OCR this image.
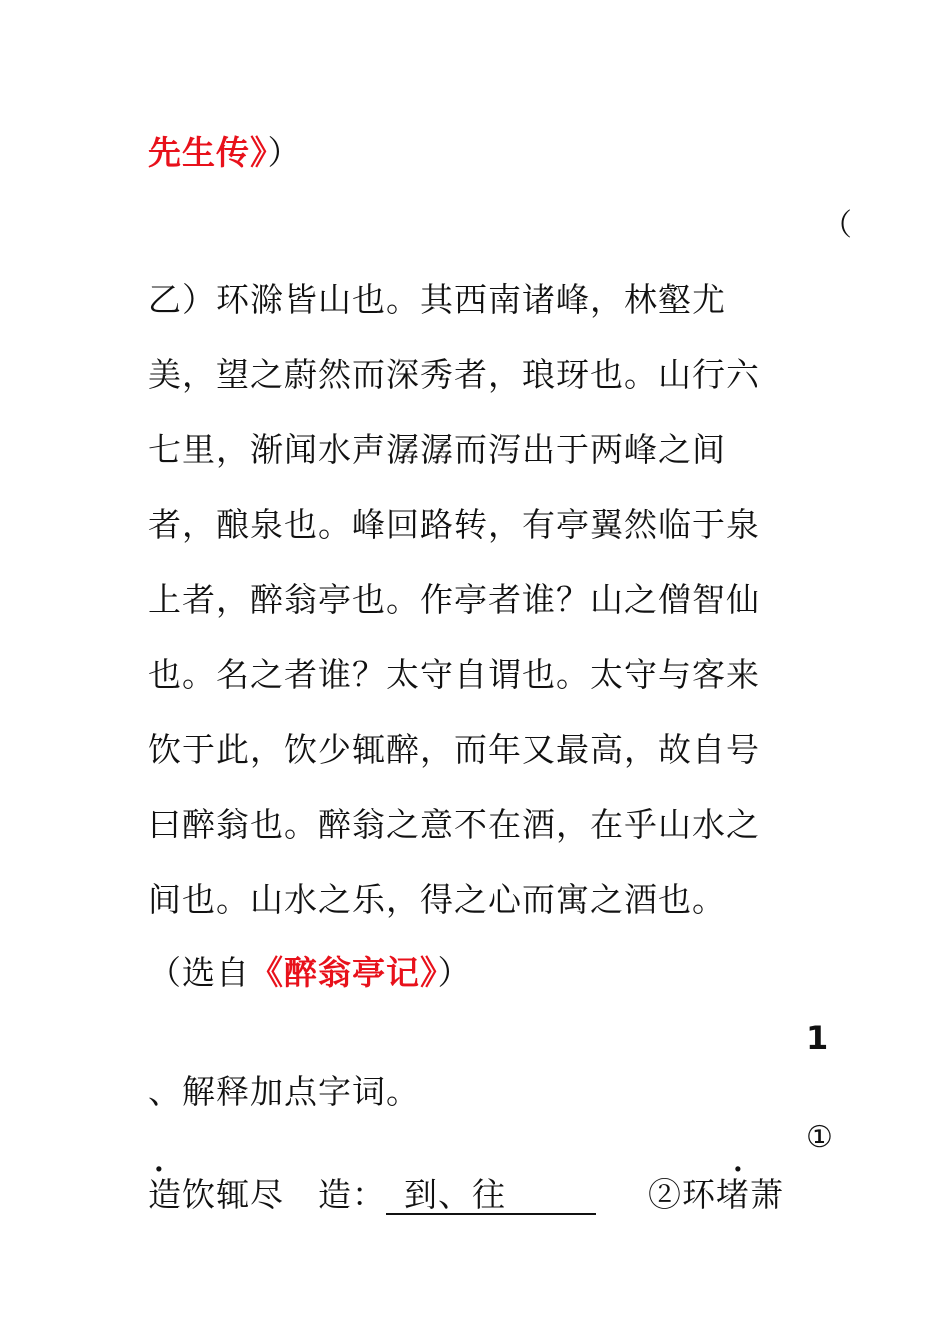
先生传》）
（
乙）环滁皆山也。其西南诸峰，林壑尤
美，望之蔚然而深秀者，琅玡也。山行六
七里，渐闻水声潺潺而泻出于两峰之间
者，酿泉也。峰回路转，有亭翼然临于泉
上者，醉翁亭也。作亭者谁？山之僧智仙
也。名之者谁？太守自谓也。太守与客来
饮于此，饮少辄醉，而年又最高，故自号
曰醉翁也。醉翁之意不在酒，在乎山水之
间也。山水之乐，得之心而寓之酒也。
（选自《醉翁亭记》）
1
、解释加点字词。
①
.	.
造饮辄尽　造： 到、往	②环堵萧
